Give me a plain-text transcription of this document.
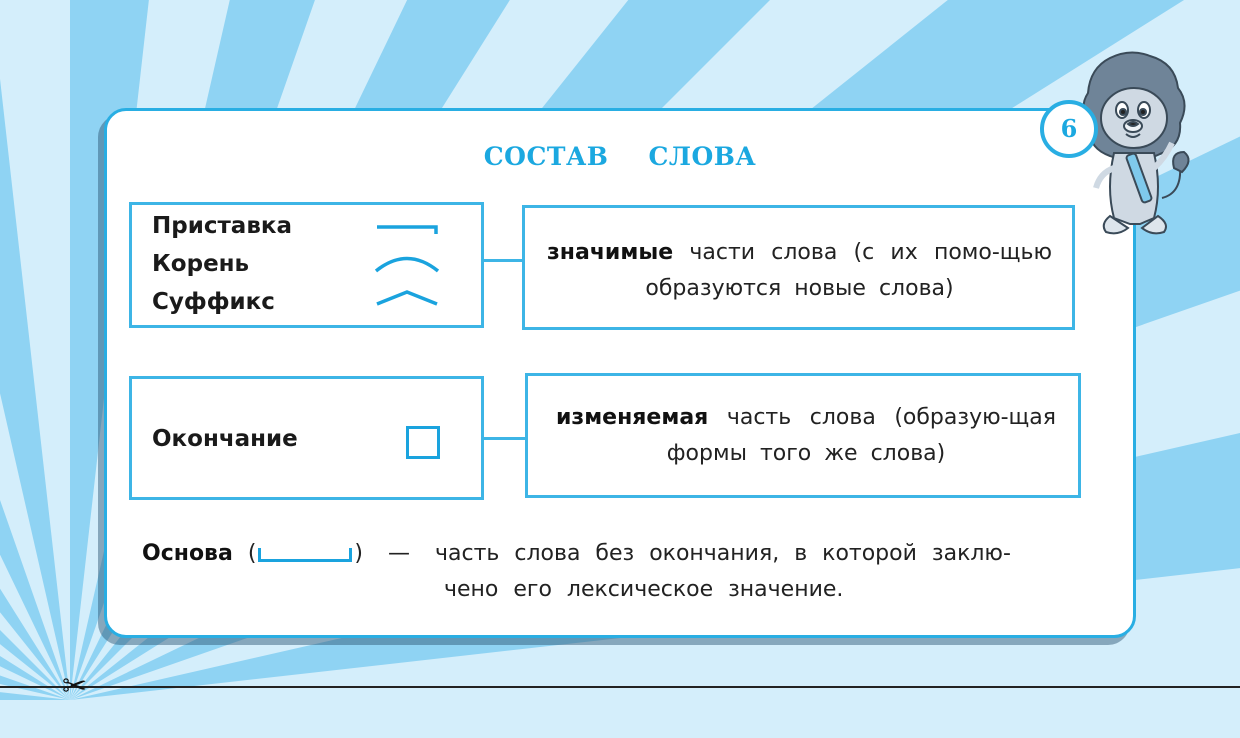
СОСТАВ СЛОВА
Приставка
Корень
Суффикс
значимые части слова (с их помо-щью образуются новые слова)
Окончание
изменяемая часть слова (образую-щая формы того же слова)
Основа (	) — часть слова без окончания, в которой заклю-
чено его лексическое значение.
6
✂
